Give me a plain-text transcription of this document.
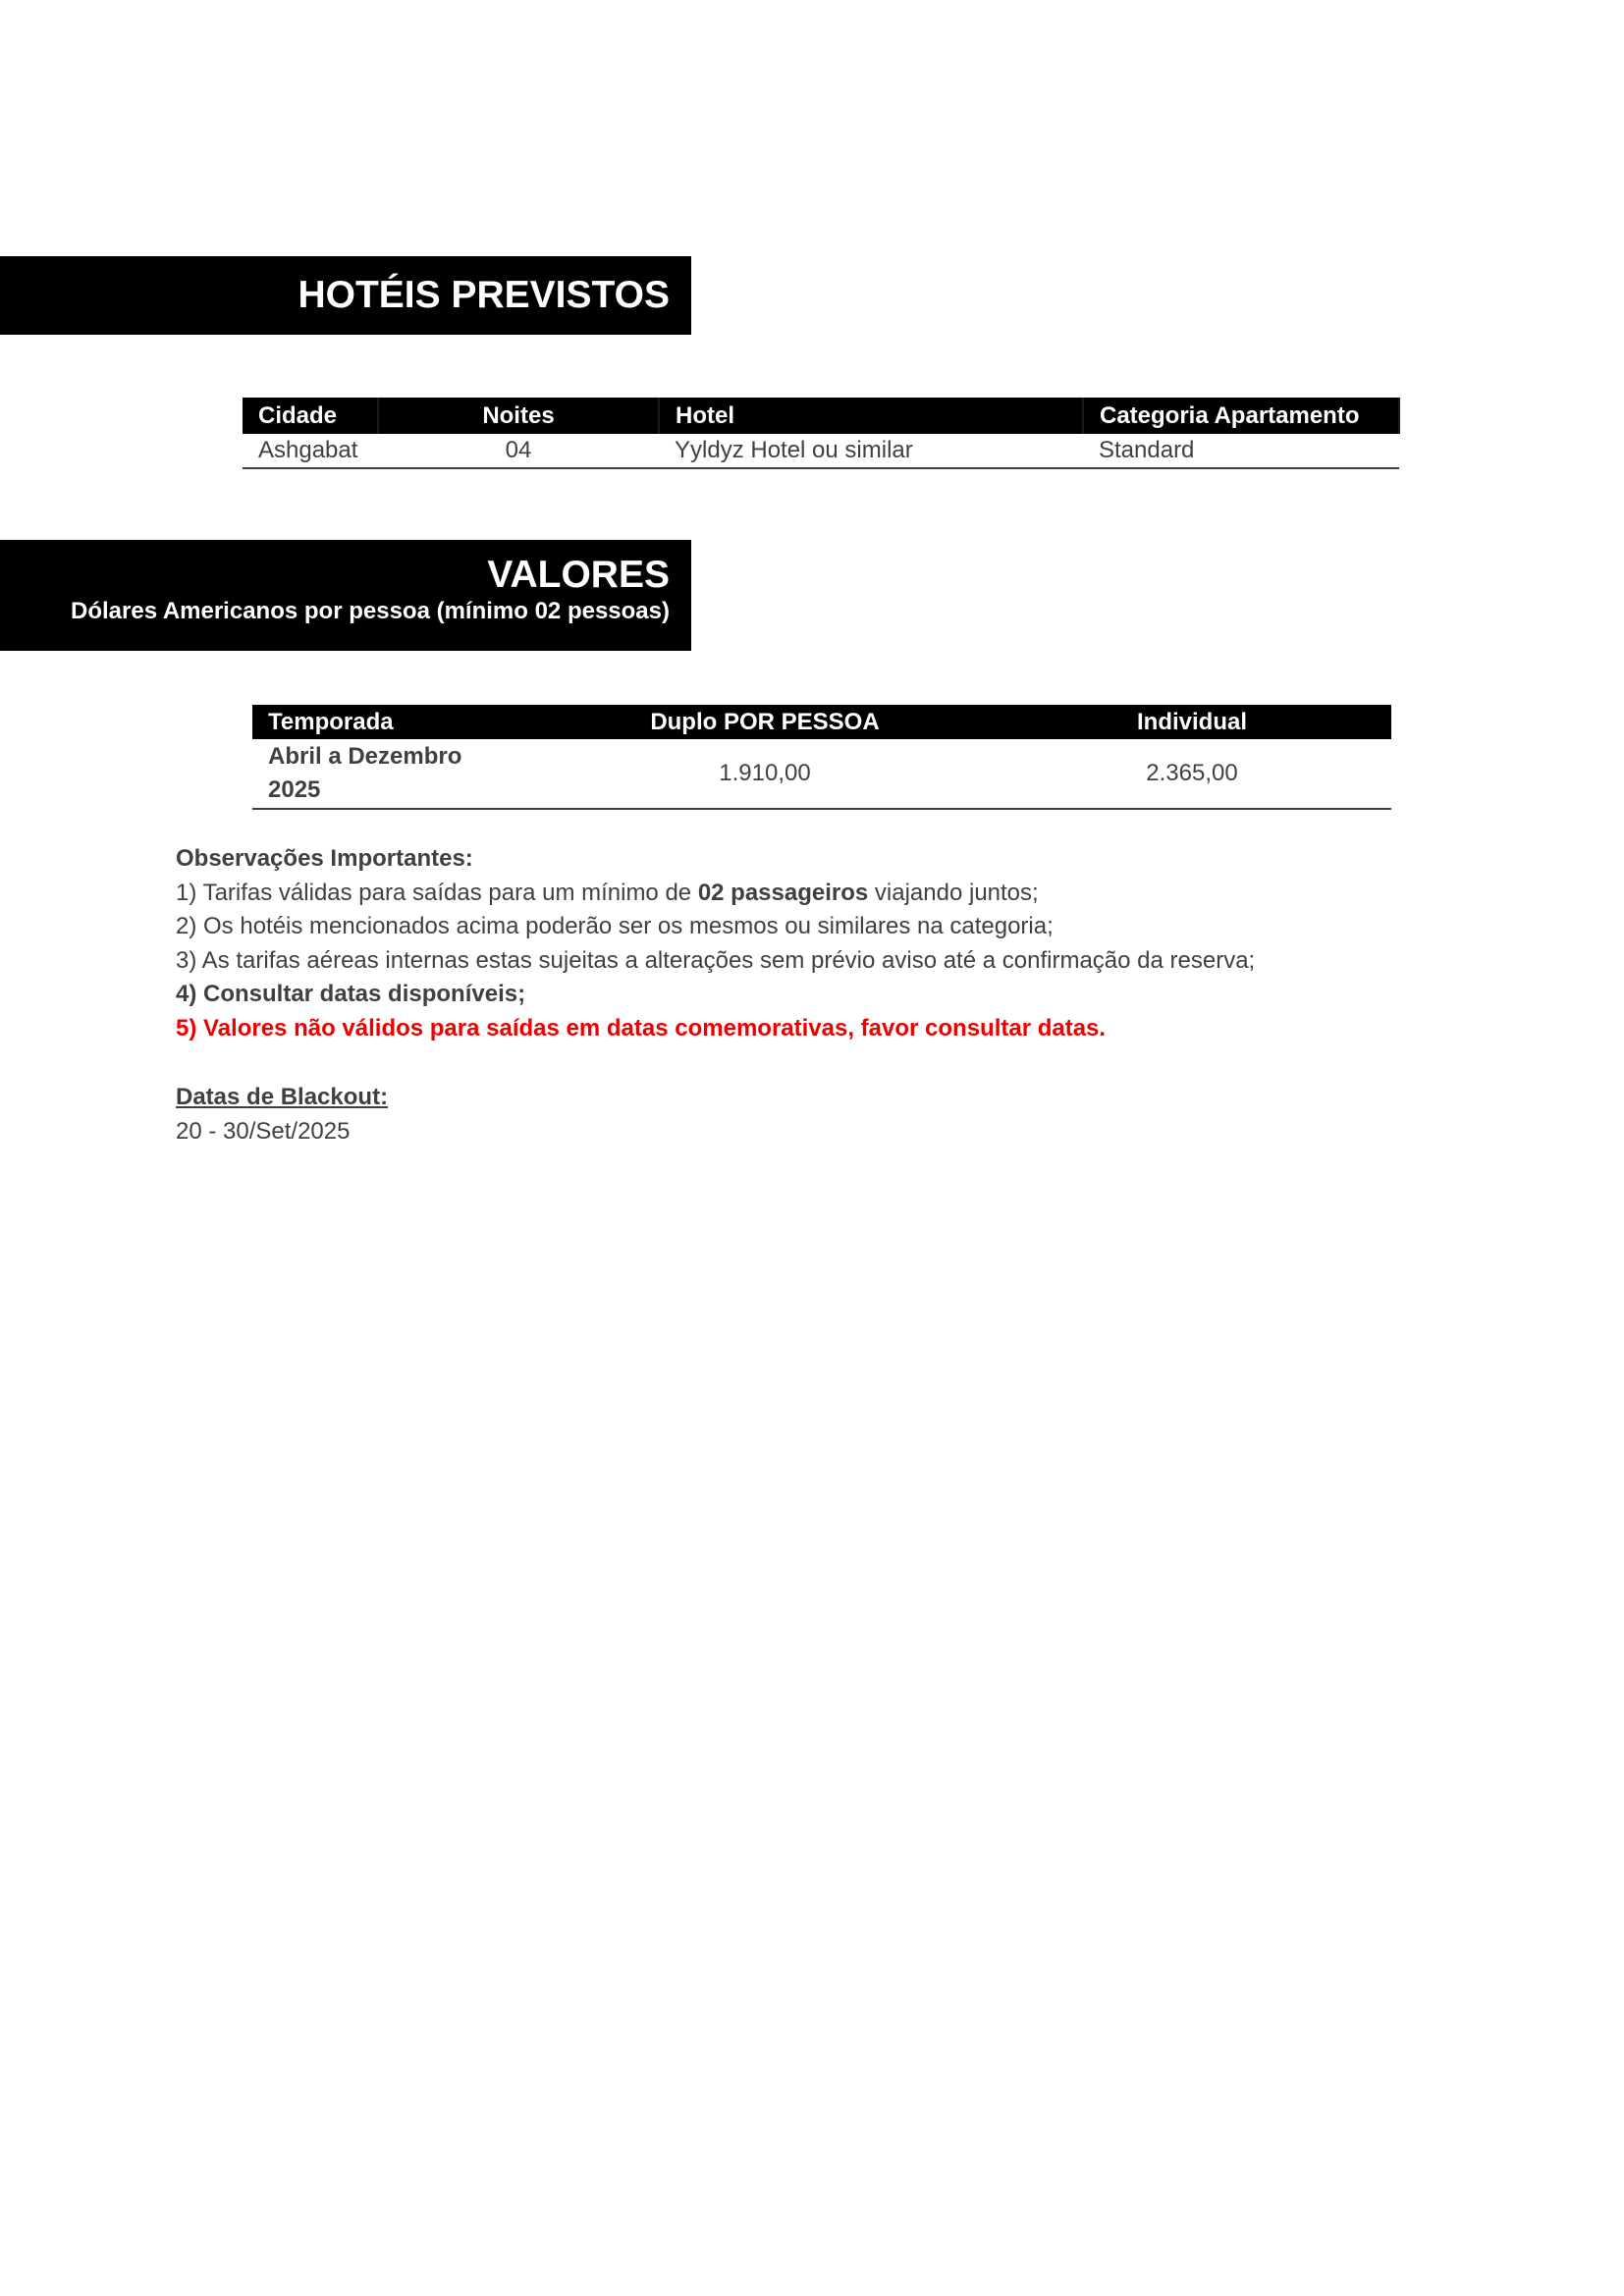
HOTÉIS PREVISTOS
Cidade	Noites	Hotel	Categoria Apartamento
Ashgabat	04	Yyldyz Hotel ou similar	Standard
VALORES
Dólares Americanos por pessoa (mínimo 02 pessoas)
Temporada	Duplo POR PESSOA	Individual

Abril a Dezembro
2025	1.910,00	2.365,00

Observações Importantes:

1) Tarifas válidas para saídas para um mínimo de 02 passageiros viajando juntos;

2) Os hotéis mencionados acima poderão ser os mesmos ou similares na categoria;

3) As tarifas aéreas internas estas sujeitas a alterações sem prévio aviso até a confirmação da reserva;

4) Consultar datas disponíveis;

5) Valores não válidos para saídas em datas comemorativas, favor consultar datas.

Datas de Blackout:

20 - 30/Set/2025
